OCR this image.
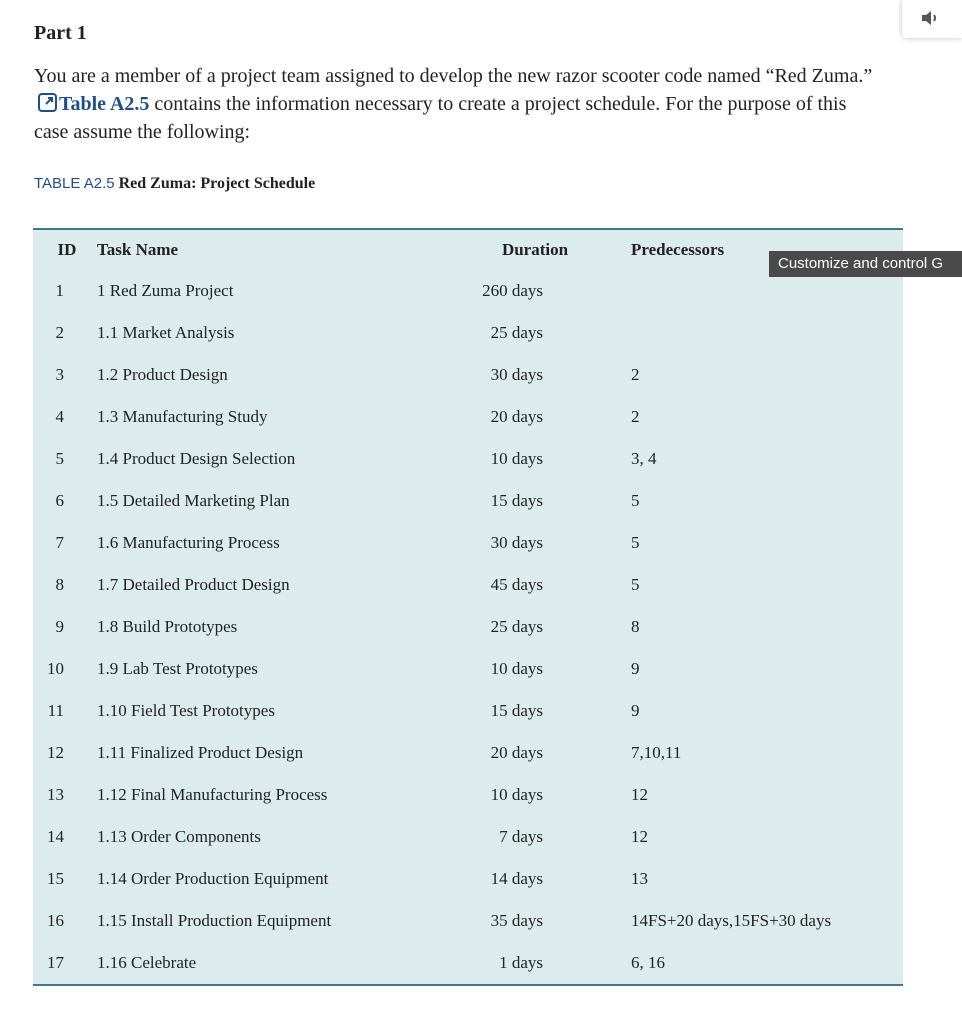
Part 1

You are a member of a project team assigned to develop the new razor scooter code named “Red Zuma.”
Table A2.5 contains the information necessary to create a project schedule. For the purpose of this case assume the following:

TABLE A2.5 Red Zuma: Project Schedule

ID	Task Name	Duration	Predecessors
1	1 Red Zuma Project	260 days	
2	1.1 Market Analysis	25 days	
3	1.2 Product Design	30 days	2
4	1.3 Manufacturing Study	20 days	2
5	1.4 Product Design Selection	10 days	3, 4
6	1.5 Detailed Marketing Plan	15 days	5
7	1.6 Manufacturing Process	30 days	5
8	1.7 Detailed Product Design	45 days	5
9	1.8 Build Prototypes	25 days	8
10	1.9 Lab Test Prototypes	10 days	9
11	1.10 Field Test Prototypes	15 days	9
12	1.11 Finalized Product Design	20 days	7,10,11
13	1.12 Final Manufacturing Process	10 days	12
14	1.13 Order Components	7 days	12
15	1.14 Order Production Equipment	14 days	13
16	1.15 Install Production Equipment	35 days	14FS+20 days,15FS+30 days
17	1.16 Celebrate	1 days	6, 16
Customize and control G
